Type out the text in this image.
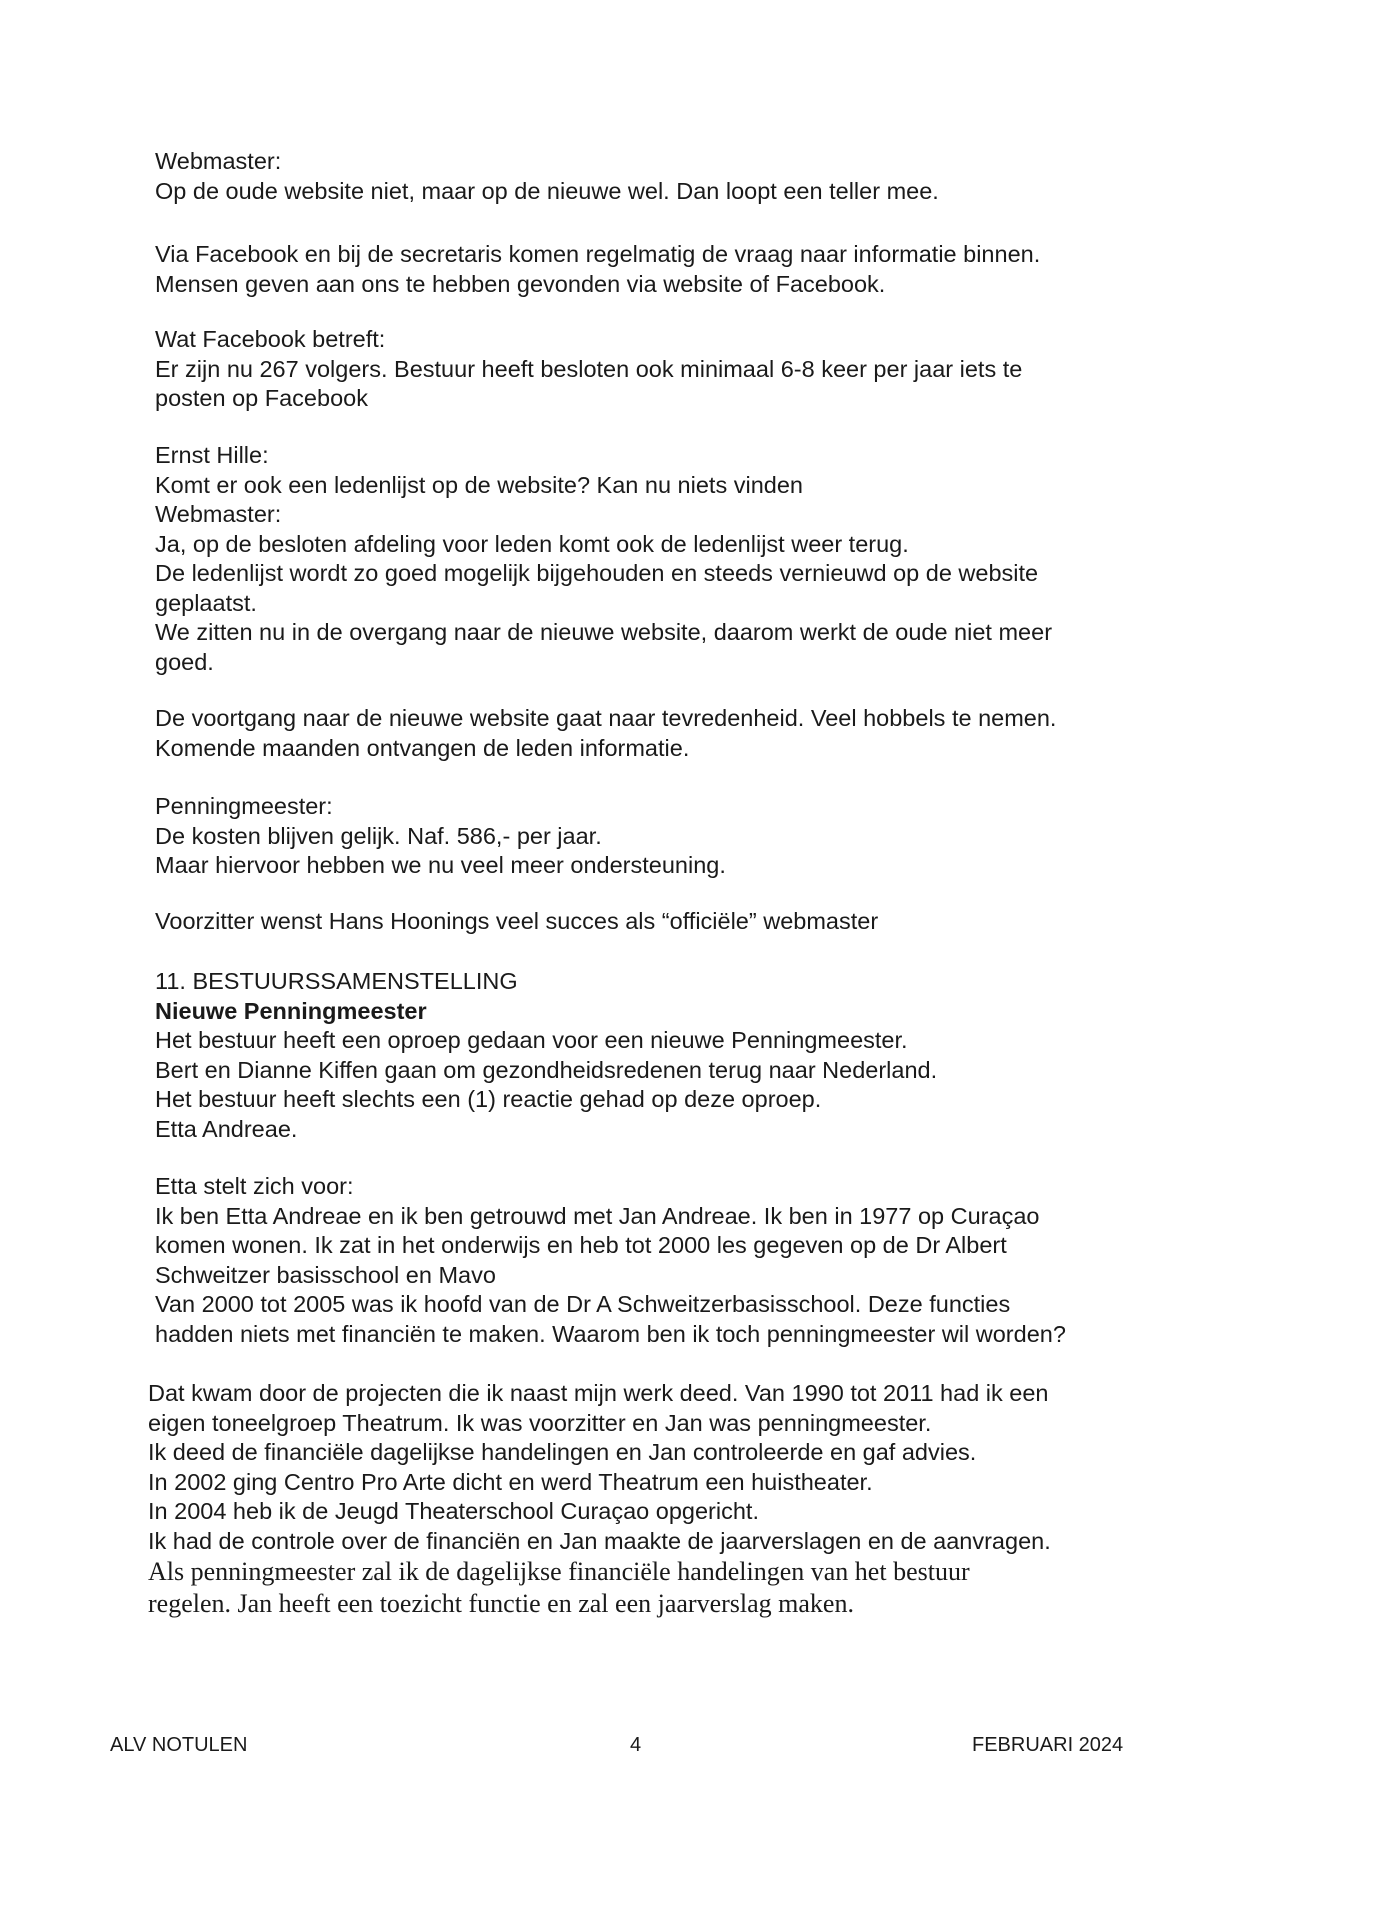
Webmaster:
Op de oude website niet, maar op de nieuwe wel. Dan loopt een teller mee.
Via Facebook en bij de secretaris komen regelmatig de vraag naar informatie binnen.
Mensen geven aan ons te hebben gevonden via website of Facebook.
Wat Facebook betreft:
Er zijn nu 267 volgers. Bestuur heeft besloten ook minimaal 6-8 keer per jaar iets te
posten op Facebook
Ernst Hille:
Komt er ook een ledenlijst op de website? Kan nu niets vinden
Webmaster:
Ja, op de besloten afdeling voor leden komt ook de ledenlijst weer terug.
De ledenlijst wordt zo goed mogelijk bijgehouden en steeds vernieuwd op de website
geplaatst.
We zitten nu in de overgang naar de nieuwe website, daarom werkt de oude niet meer
goed.
De voortgang naar de nieuwe website gaat naar tevredenheid. Veel hobbels te nemen.
Komende maanden ontvangen de leden informatie.
Penningmeester:
De kosten blijven gelijk. Naf. 586,- per jaar.
Maar hiervoor hebben we nu veel meer ondersteuning.
Voorzitter wenst Hans Hoonings veel succes als “officiële” webmaster
11. BESTUURSSAMENSTELLING
Nieuwe Penningmeester
Het bestuur heeft een oproep gedaan voor een nieuwe Penningmeester.
Bert en Dianne Kiffen gaan om gezondheidsredenen terug naar Nederland.
Het bestuur heeft slechts een (1) reactie gehad op deze oproep.
Etta Andreae.
Etta stelt zich voor:
Ik ben Etta Andreae en ik ben getrouwd met Jan Andreae. Ik ben in 1977 op Curaçao
komen wonen. Ik zat in het onderwijs en heb tot 2000 les gegeven op de Dr Albert
Schweitzer basisschool en Mavo
Van 2000 tot 2005 was ik hoofd van de Dr A Schweitzerbasisschool. Deze functies
hadden niets met financiën te maken. Waarom ben ik toch penningmeester wil worden?
Dat kwam door de projecten die ik naast mijn werk deed. Van 1990 tot 2011 had ik een
eigen toneelgroep Theatrum. Ik was voorzitter en Jan was penningmeester.
Ik deed de financiële dagelijkse handelingen en Jan controleerde en gaf advies.
In 2002 ging Centro Pro Arte dicht en werd Theatrum een huistheater.
In 2004 heb ik de Jeugd Theaterschool Curaçao opgericht.
Ik had de controle over de financiën en Jan maakte de jaarverslagen en de aanvragen.
Als penningmeester zal ik de dagelijkse financiële handelingen van het bestuur
regelen. Jan heeft een toezicht functie en zal een jaarverslag maken.
ALV NOTULEN	4	FEBRUARI 2024
